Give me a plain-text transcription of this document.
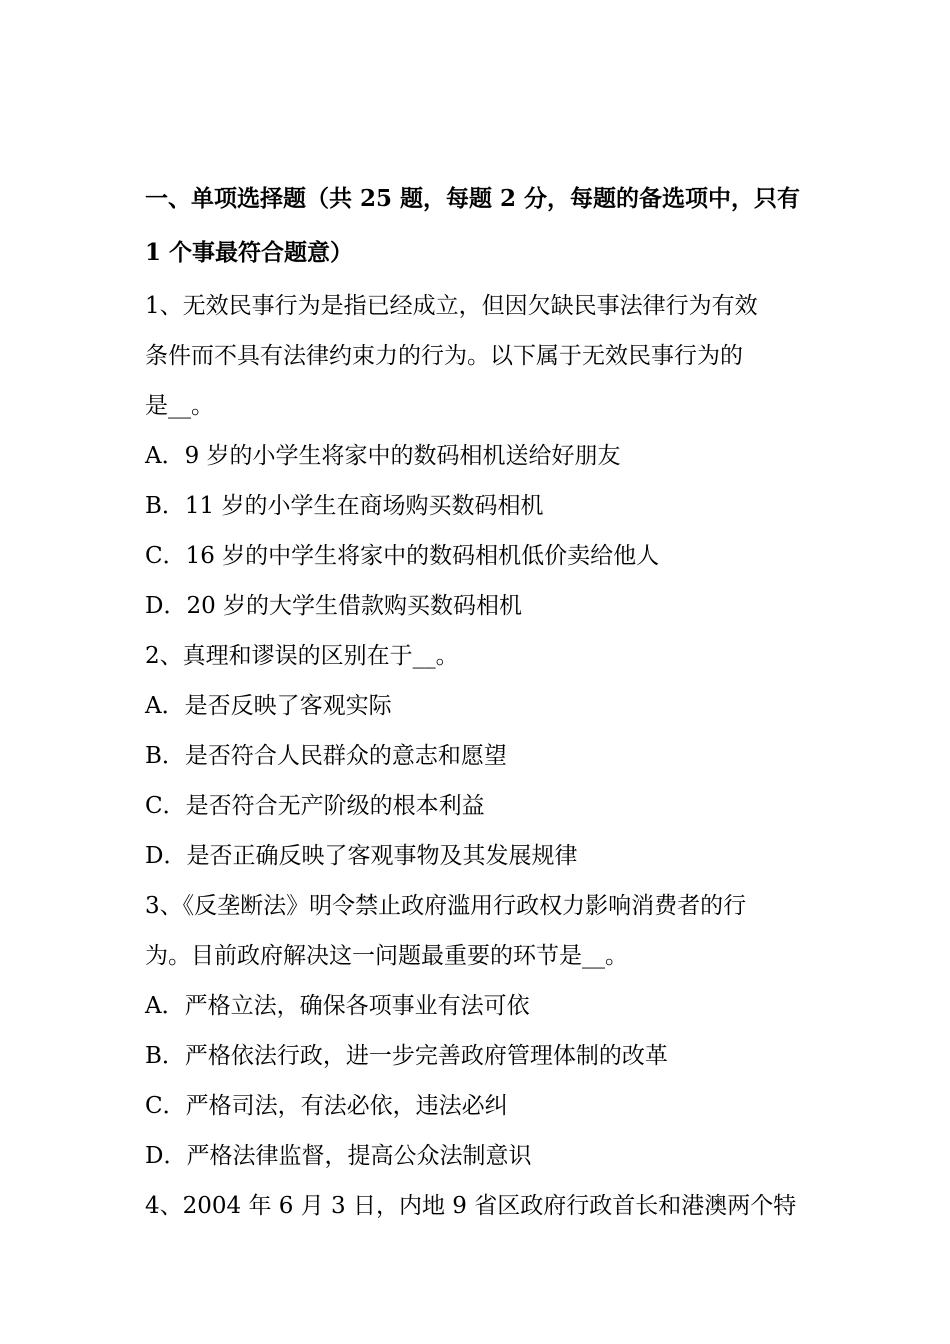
一、单项选择题（共 25 题，每题 2 分，每题的备选项中，只有
1 个事最符合题意）
1、无效民事行为是指已经成立，但因欠缺民事法律行为有效
条件而不具有法律约束力的行为。以下属于无效民事行为的
是__。
A．9 岁的小学生将家中的数码相机送给好朋友
B．11 岁的小学生在商场购买数码相机
C．16 岁的中学生将家中的数码相机低价卖给他人
D．20 岁的大学生借款购买数码相机
2、真理和谬误的区别在于__。
A．是否反映了客观实际
B．是否符合人民群众的意志和愿望
C．是否符合无产阶级的根本利益
D．是否正确反映了客观事物及其发展规律
3、《反垄断法》明令禁止政府滥用行政权力影响消费者的行
为。目前政府解决这一问题最重要的环节是__。
A．严格立法，确保各项事业有法可依
B．严格依法行政，进一步完善政府管理体制的改革
C．严格司法，有法必依，违法必纠
D．严格法律监督，提高公众法制意识
4、2004 年 6 月 3 日，内地 9 省区政府行政首长和港澳两个特
